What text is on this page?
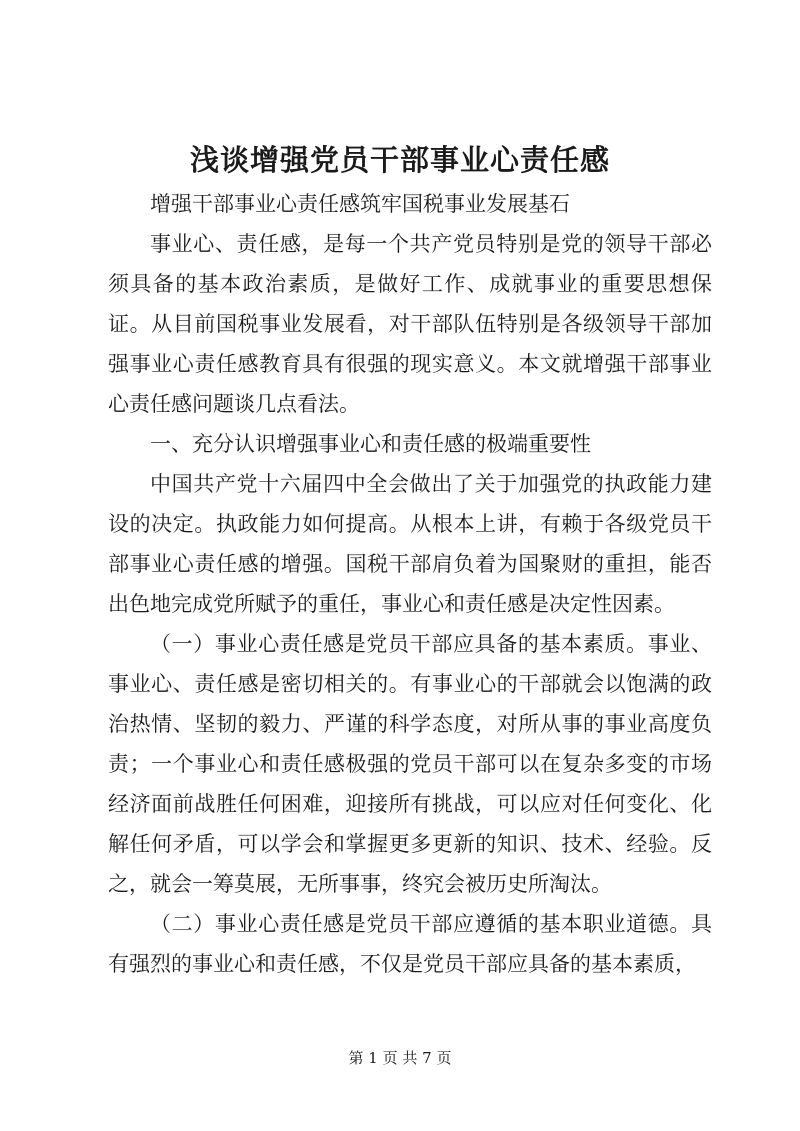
浅谈增强党员干部事业心责任感

增强干部事业心责任感筑牢国税事业发展基石

事业心、责任感，是每一个共产党员特别是党的领导干部必须具备的基本政治素质，是做好工作、成就事业的重要思想保证。从目前国税事业发展看，对干部队伍特别是各级领导干部加强事业心责任感教育具有很强的现实意义。本文就增强干部事业心责任感问题谈几点看法。

一、充分认识增强事业心和责任感的极端重要性

中国共产党十六届四中全会做出了关于加强党的执政能力建设的决定。执政能力如何提高。从根本上讲，有赖于各级党员干部事业心责任感的增强。国税干部肩负着为国聚财的重担，能否出色地完成党所赋予的重任，事业心和责任感是决定性因素。

（一）事业心责任感是党员干部应具备的基本素质。事业、事业心、责任感是密切相关的。有事业心的干部就会以饱满的政治热情、坚韧的毅力、严谨的科学态度，对所从事的事业高度负责；一个事业心和责任感极强的党员干部可以在复杂多变的市场经济面前战胜任何困难，迎接所有挑战，可以应对任何变化、化解任何矛盾，可以学会和掌握更多更新的知识、技术、经验。反之，就会一筹莫展，无所事事，终究会被历史所淘汰。

（二）事业心责任感是党员干部应遵循的基本职业道德。具有强烈的事业心和责任感，不仅是党员干部应具备的基本素质，

第 1 页 共 7 页
